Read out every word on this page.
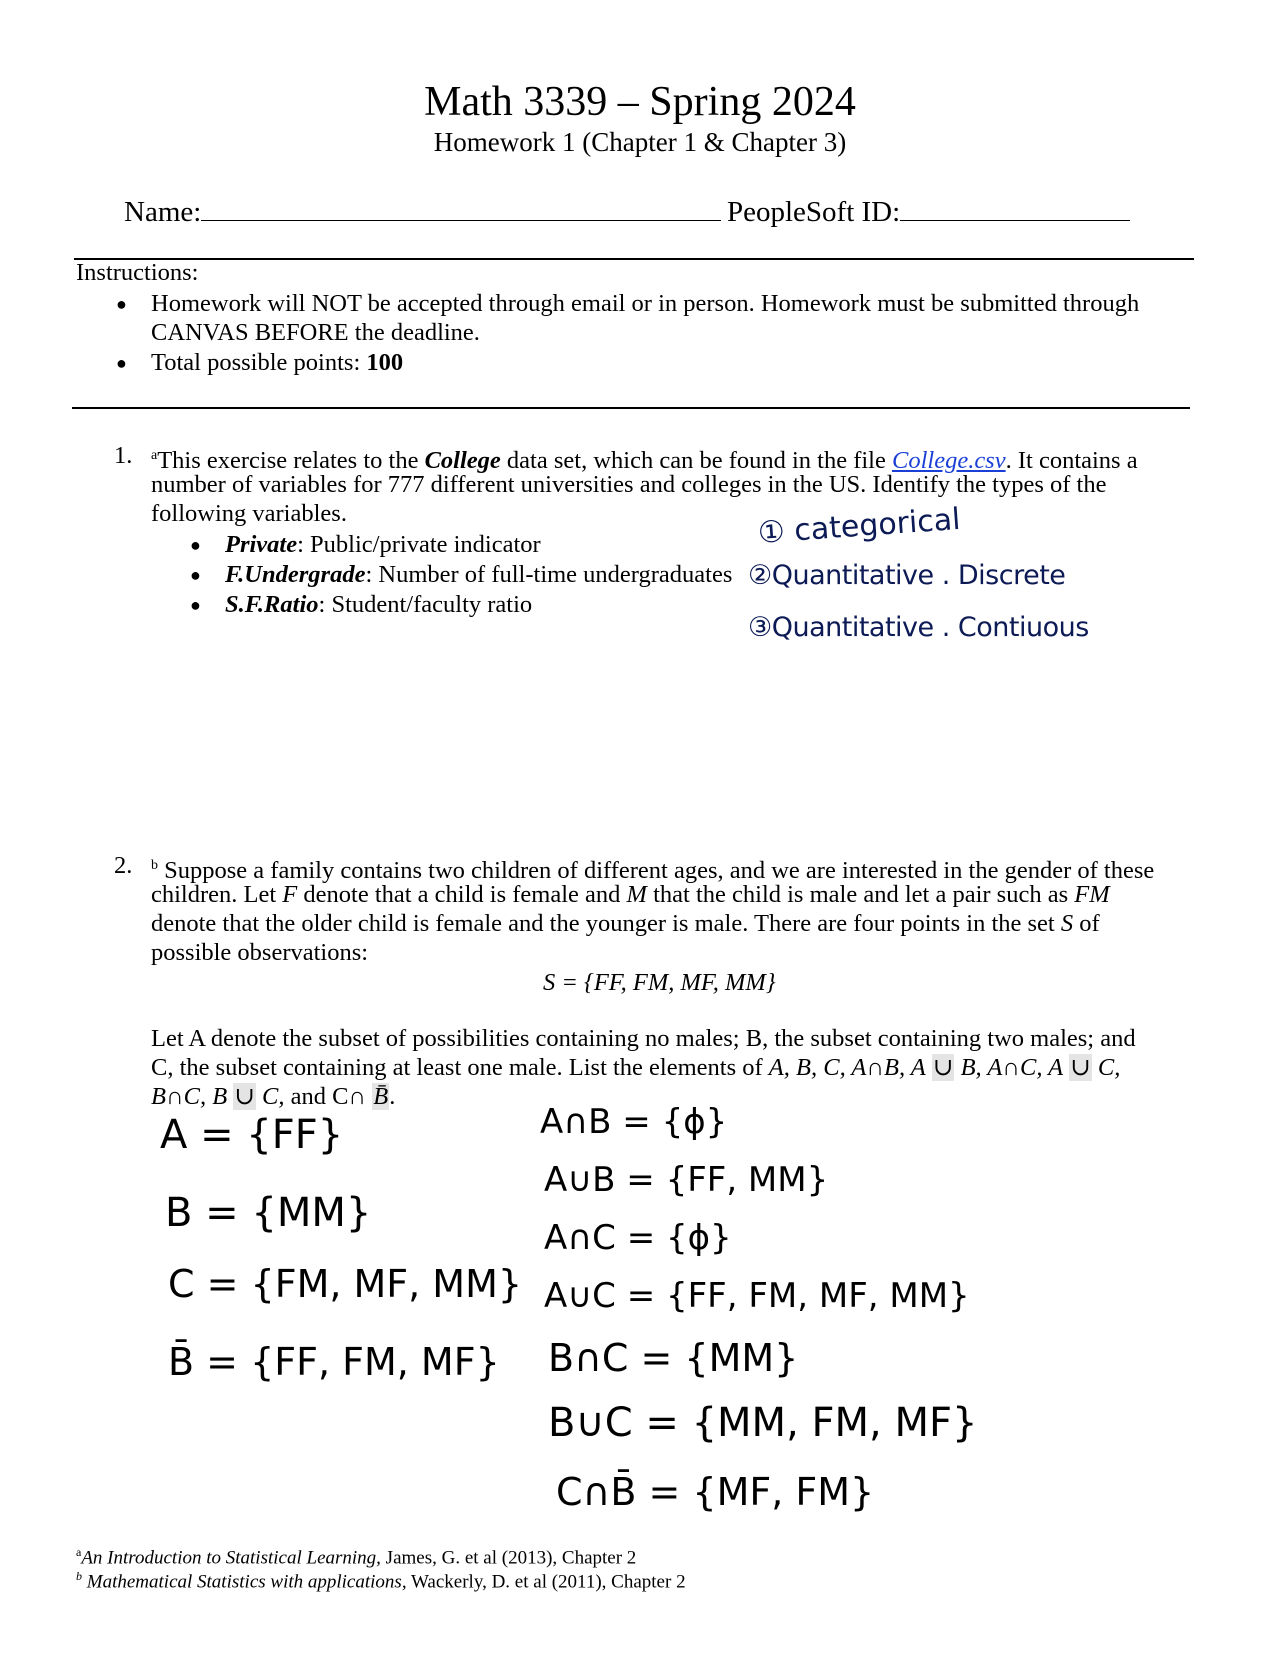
Math 3339 – Spring 2024
Homework 1 (Chapter 1 & Chapter 3)
Name:	PeopleSoft ID:
Instructions:
●
Homework will NOT be accepted through email or in person. Homework must be submitted through
CANVAS BEFORE the deadline.
●
Total possible points: 100
1. $^a$This exercise relates to the College data set, which can be found in the file College.csv. It contains a
number of variables for 777 different universities and colleges in the US. Identify the types of the
following variables.
●
Private: Public/private indicator
●
F.Undergrade: Number of full-time undergraduates
●
S.F.Ratio: Student/faculty ratio
① categorical
②Quantitative . Discrete
③Quantitative . Contiuous
2. $^b$ Suppose a family contains two children of different ages, and we are interested in the gender of these
children. Let F denote that a child is female and M that the child is male and let a pair such as FM
denote that the older child is female and the younger is male. There are four points in the set S of
possible observations:
S = {FF, FM, MF, MM}
Let A denote the subset of possibilities containing no males; B, the subset containing two males; and
C, the subset containing at least one male. List the elements of A, B, C, A∩B, A ∪ B, A∩C, A ∪ C,
B∩C, B ∪ C, and C∩ B̄.
A = {FF}
B = {MM}
C = {FM, MF, MM}
B̄ = {FF, FM, MF}
A∩B = {ϕ}
A∪B = {FF, MM}
A∩C = {ϕ}
A∪C = {FF, FM, MF, MM}
B∩C = {MM}
B∪C = {MM, FM, MF}
C∩B̄ = {MF, FM}
$^a$An Introduction to Statistical Learning, James, G. et al (2013), Chapter 2
$^b$ Mathematical Statistics with applications, Wackerly, D. et al (2011), Chapter 2
